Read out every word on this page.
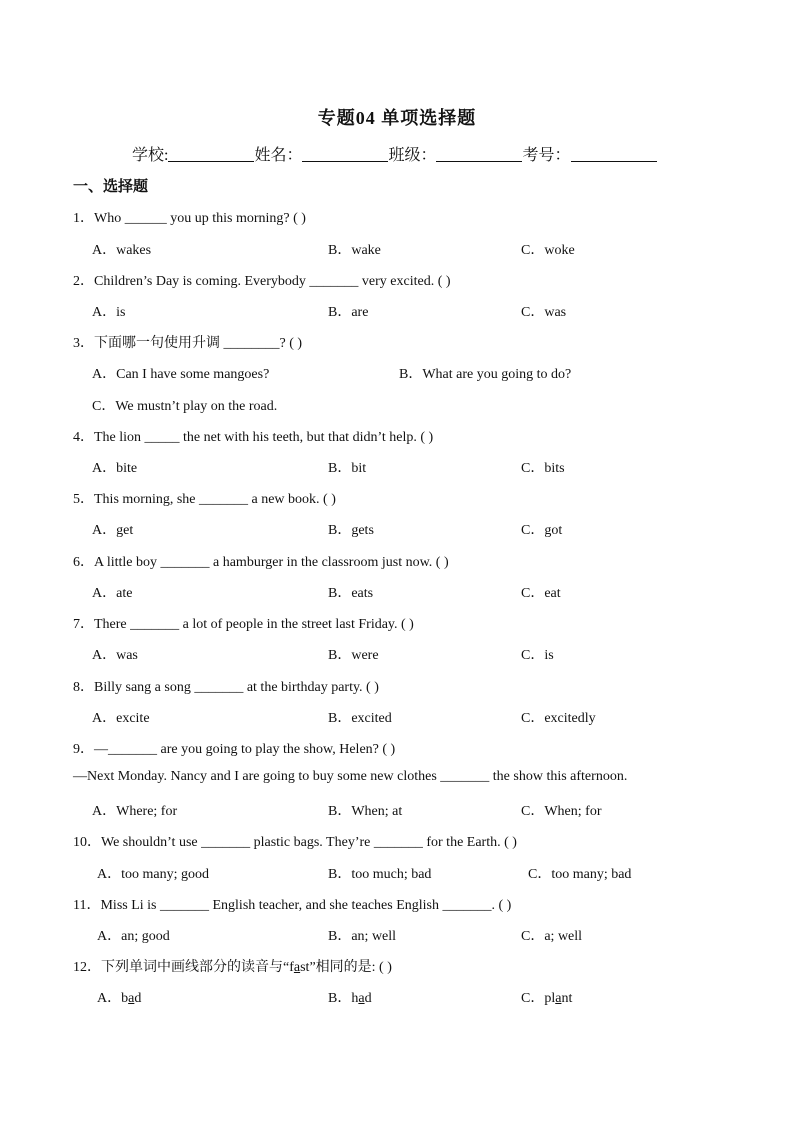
专题04 单项选择题
学校:	姓名：	班级：	考号：
一、选择题
1．Who ______ you up this morning? ( )
A．wakes	B．wake	C．woke
2．Children’s Day is coming. Everybody _______ very excited. ( )
A．is	B．are	C．was
3．下面哪一句使用升调 ________? ( )
A．Can I have some mangoes?	B．What are you going to do?
C．We mustn’t play on the road.
4．The lion _____ the net with his teeth, but that didn’t help. ( )
A．bite	B．bit	C．bits
5．This morning, she _______ a new book. ( )
A．get	B．gets	C．got
6．A little boy _______ a hamburger in the classroom just now. ( )
A．ate	B．eats	C．eat
7．There _______ a lot of people in the street last Friday. ( )
A．was	B．were	C．is
8．Billy sang a song _______ at the birthday party. ( )
A．excite	B．excited	C．excitedly
9．—_______ are you going to play the show, Helen? ( )
—Next Monday. Nancy and I are going to buy some new clothes _______ the show this afternoon.
A．Where; for	B．When; at	C．When; for
10．We shouldn’t use _______ plastic bags. They’re _______ for the Earth. ( )
A．too many; good	B．too much; bad	C．too many; bad
11．Miss Li is _______ English teacher, and she teaches English _______. ( )
A．an; good	B．an; well	C．a; well
12．下列单词中画线部分的读音与“fast”相同的是: ( )
A．bad	B．had	C．plant
